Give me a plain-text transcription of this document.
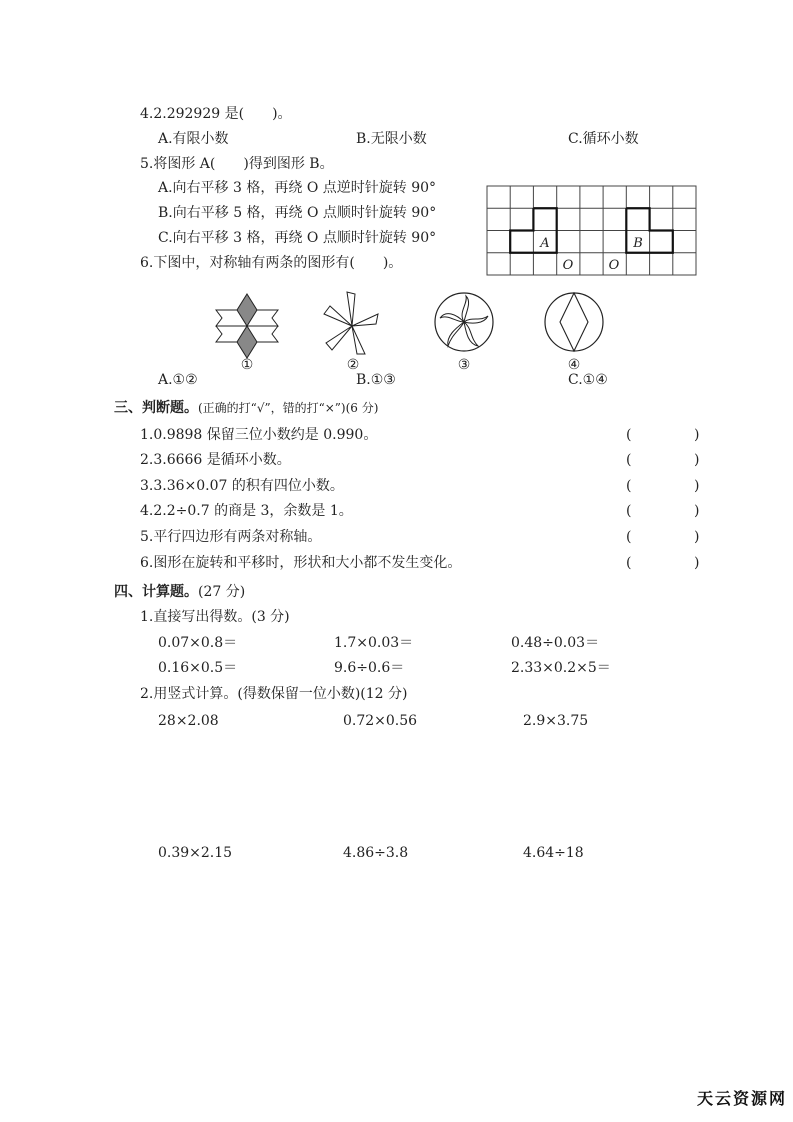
4.2.292929 是(　　)。
A.有限小数	B.无限小数	C.循环小数
5.将图形 A(　　)得到图形 B。
A.向右平移 3 格，再绕 O 点逆时针旋转 90°
B.向右平移 5 格，再绕 O 点顺时针旋转 90°
C.向右平移 3 格，再绕 O 点顺时针旋转 90°	A	B
O	O
6.下图中，对称轴有两条的图形有(　　)。
①	②	③	④
A.①②	B.①③	C.①④
三、判断题。(正确的打“√”，错的打“×”)(6 分)
1.0.9898 保留三位小数约是 0.990。	(	)
2.3.6666 是循环小数。	(	)
3.3.36×0.07 的积有四位小数。	(	)
4.2.2÷0.7 的商是 3，余数是 1。	(	)
5.平行四边形有两条对称轴。	(	)
6.图形在旋转和平移时，形状和大小都不发生变化。	(	)
四、计算题。(27 分)
1.直接写出得数。(3 分)
0.07×0.8＝	1.7×0.03＝	0.48÷0.03＝
0.16×0.5＝	9.6÷0.6＝	2.33×0.2×5＝
2.用竖式计算。(得数保留一位小数)(12 分)
28×2.08	0.72×0.56	2.9×3.75
0.39×2.15	4.86÷3.8	4.64÷18
天云资源网
